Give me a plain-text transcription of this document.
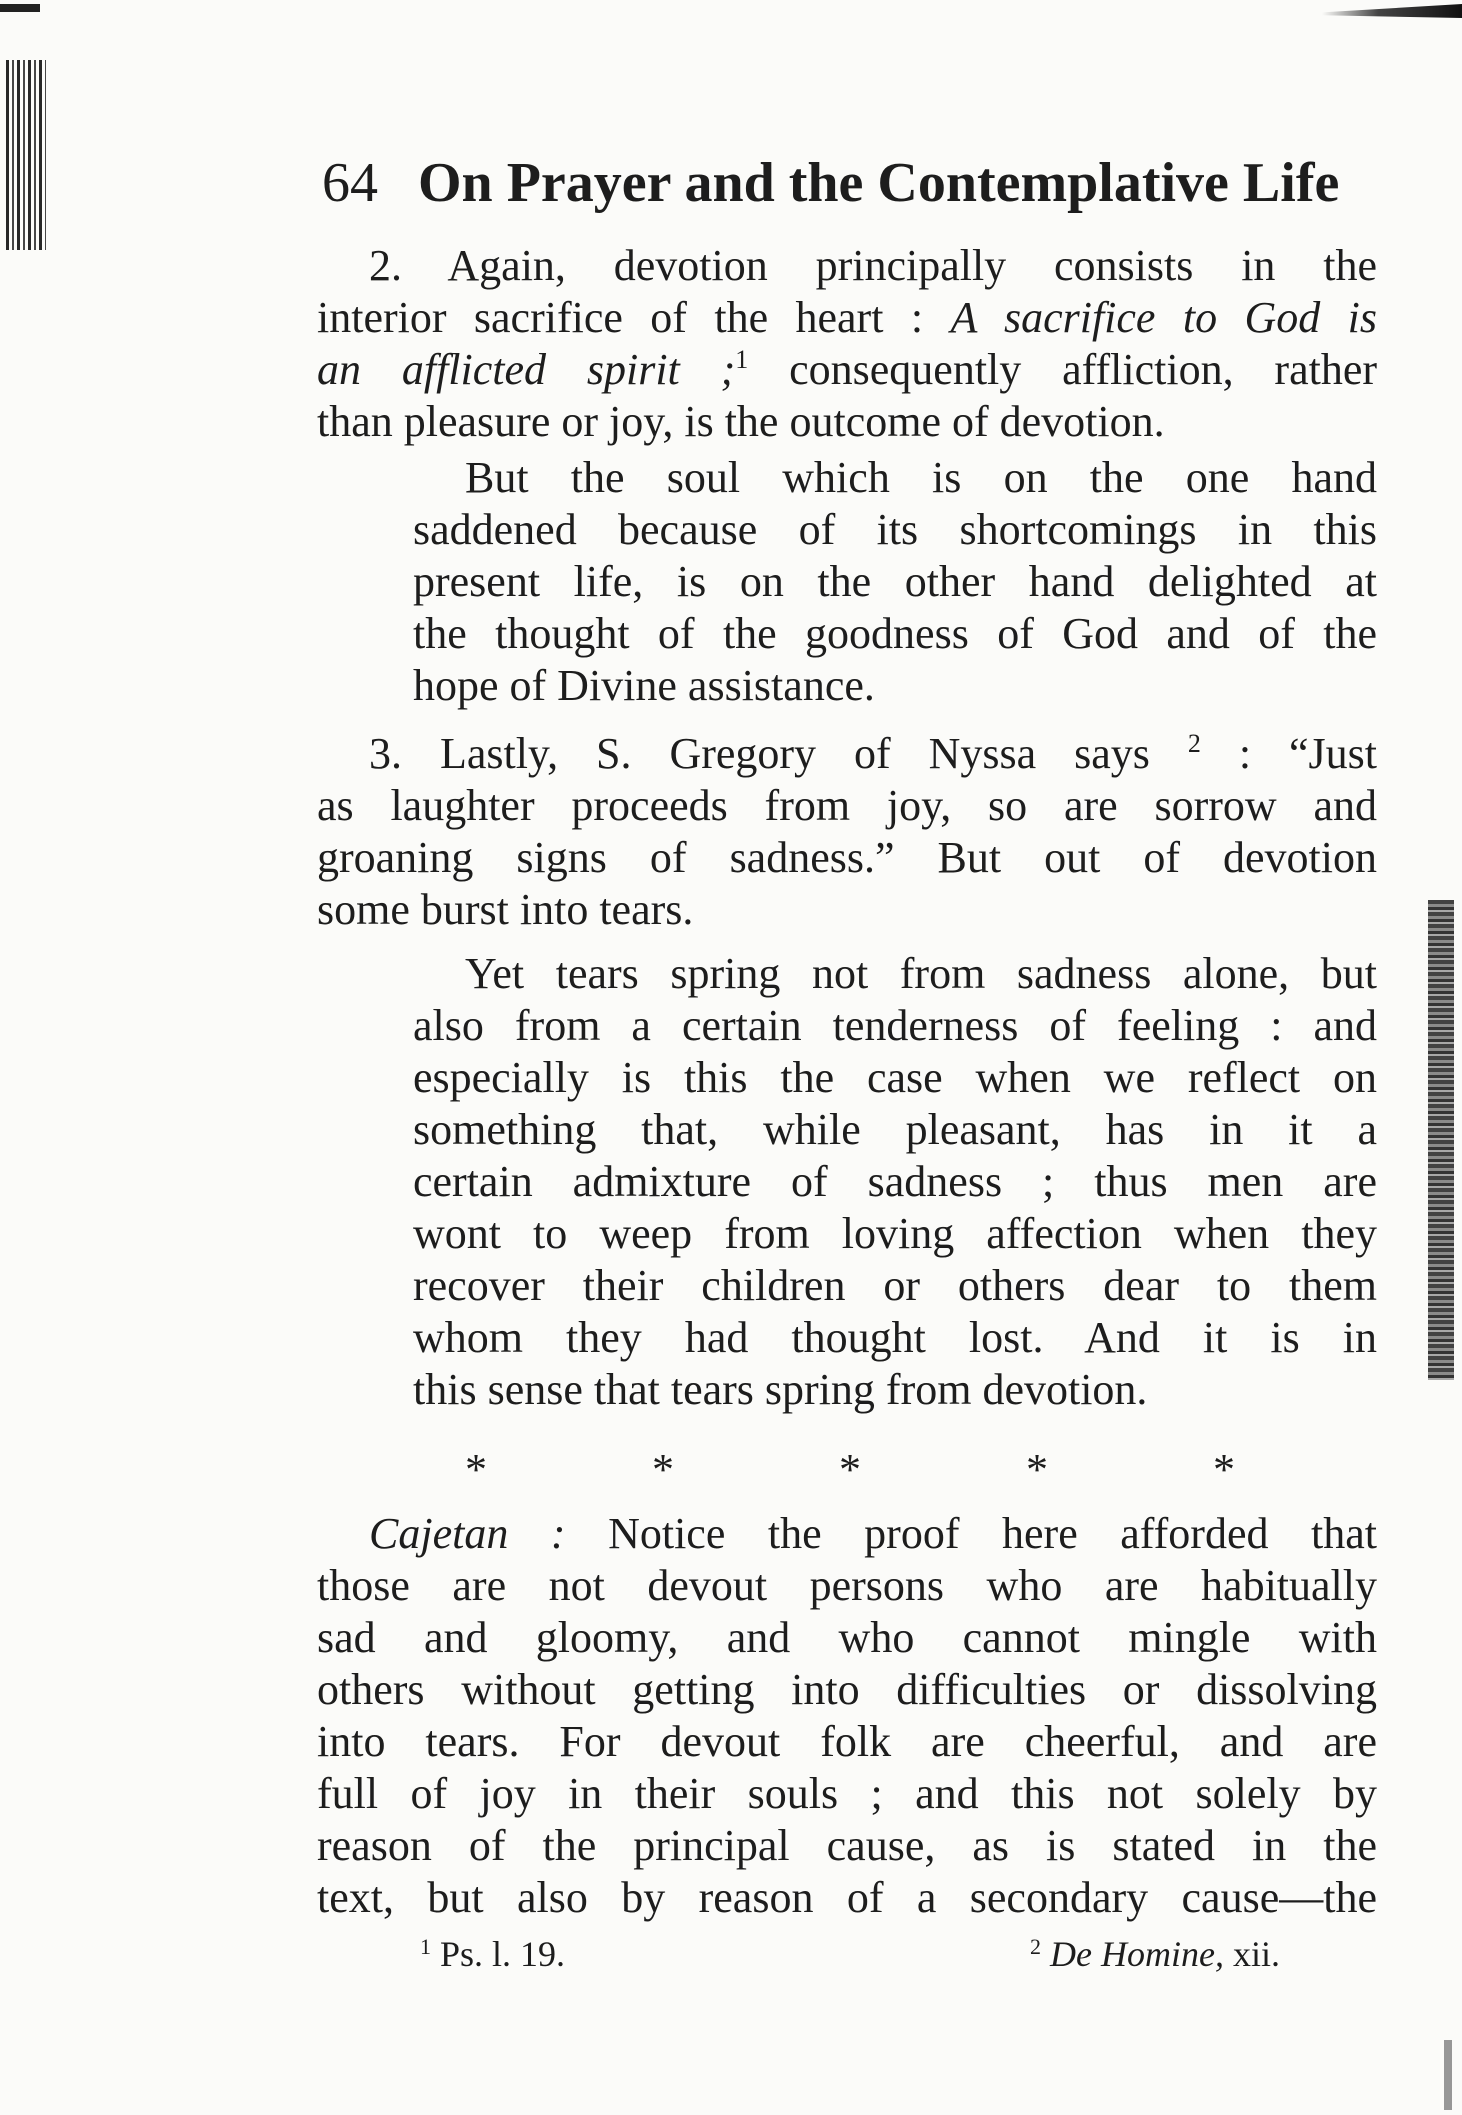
64 On Prayer and the Contemplative Life
2. Again, devotion principally consists in the
interior sacrifice of the heart : A sacrifice to God is
an afflicted spirit ;$^1$ consequently affliction, rather
than pleasure or joy, is the outcome of devotion.
But the soul which is on the one hand
saddened because of its shortcomings in this
present life, is on the other hand delighted at
the thought of the goodness of God and of the
hope of Divine assistance.
3. Lastly, S. Gregory of Nyssa says $^2$ : “Just
as laughter proceeds from joy, so are sorrow and
groaning signs of sadness.” But out of devotion
some burst into tears.
Yet tears spring not from sadness alone, but
also from a certain tenderness of feeling : and
especially is this the case when we reflect on
something that, while pleasant, has in it a
certain admixture of sadness ; thus men are
wont to weep from loving affection when they
recover their children or others dear to them
whom they had thought lost. And it is in
this sense that tears spring from devotion.
*	*	*	*	*
Cajetan : Notice the proof here afforded that
those are not devout persons who are habitually
sad and gloomy, and who cannot mingle with
others without getting into difficulties or dissolving
into tears. For devout folk are cheerful, and are
full of joy in their souls ; and this not solely by
reason of the principal cause, as is stated in the
text, but also by reason of a secondary cause—the
$^1$ Ps. l. 19.	$^2$ De Homine, xii.
